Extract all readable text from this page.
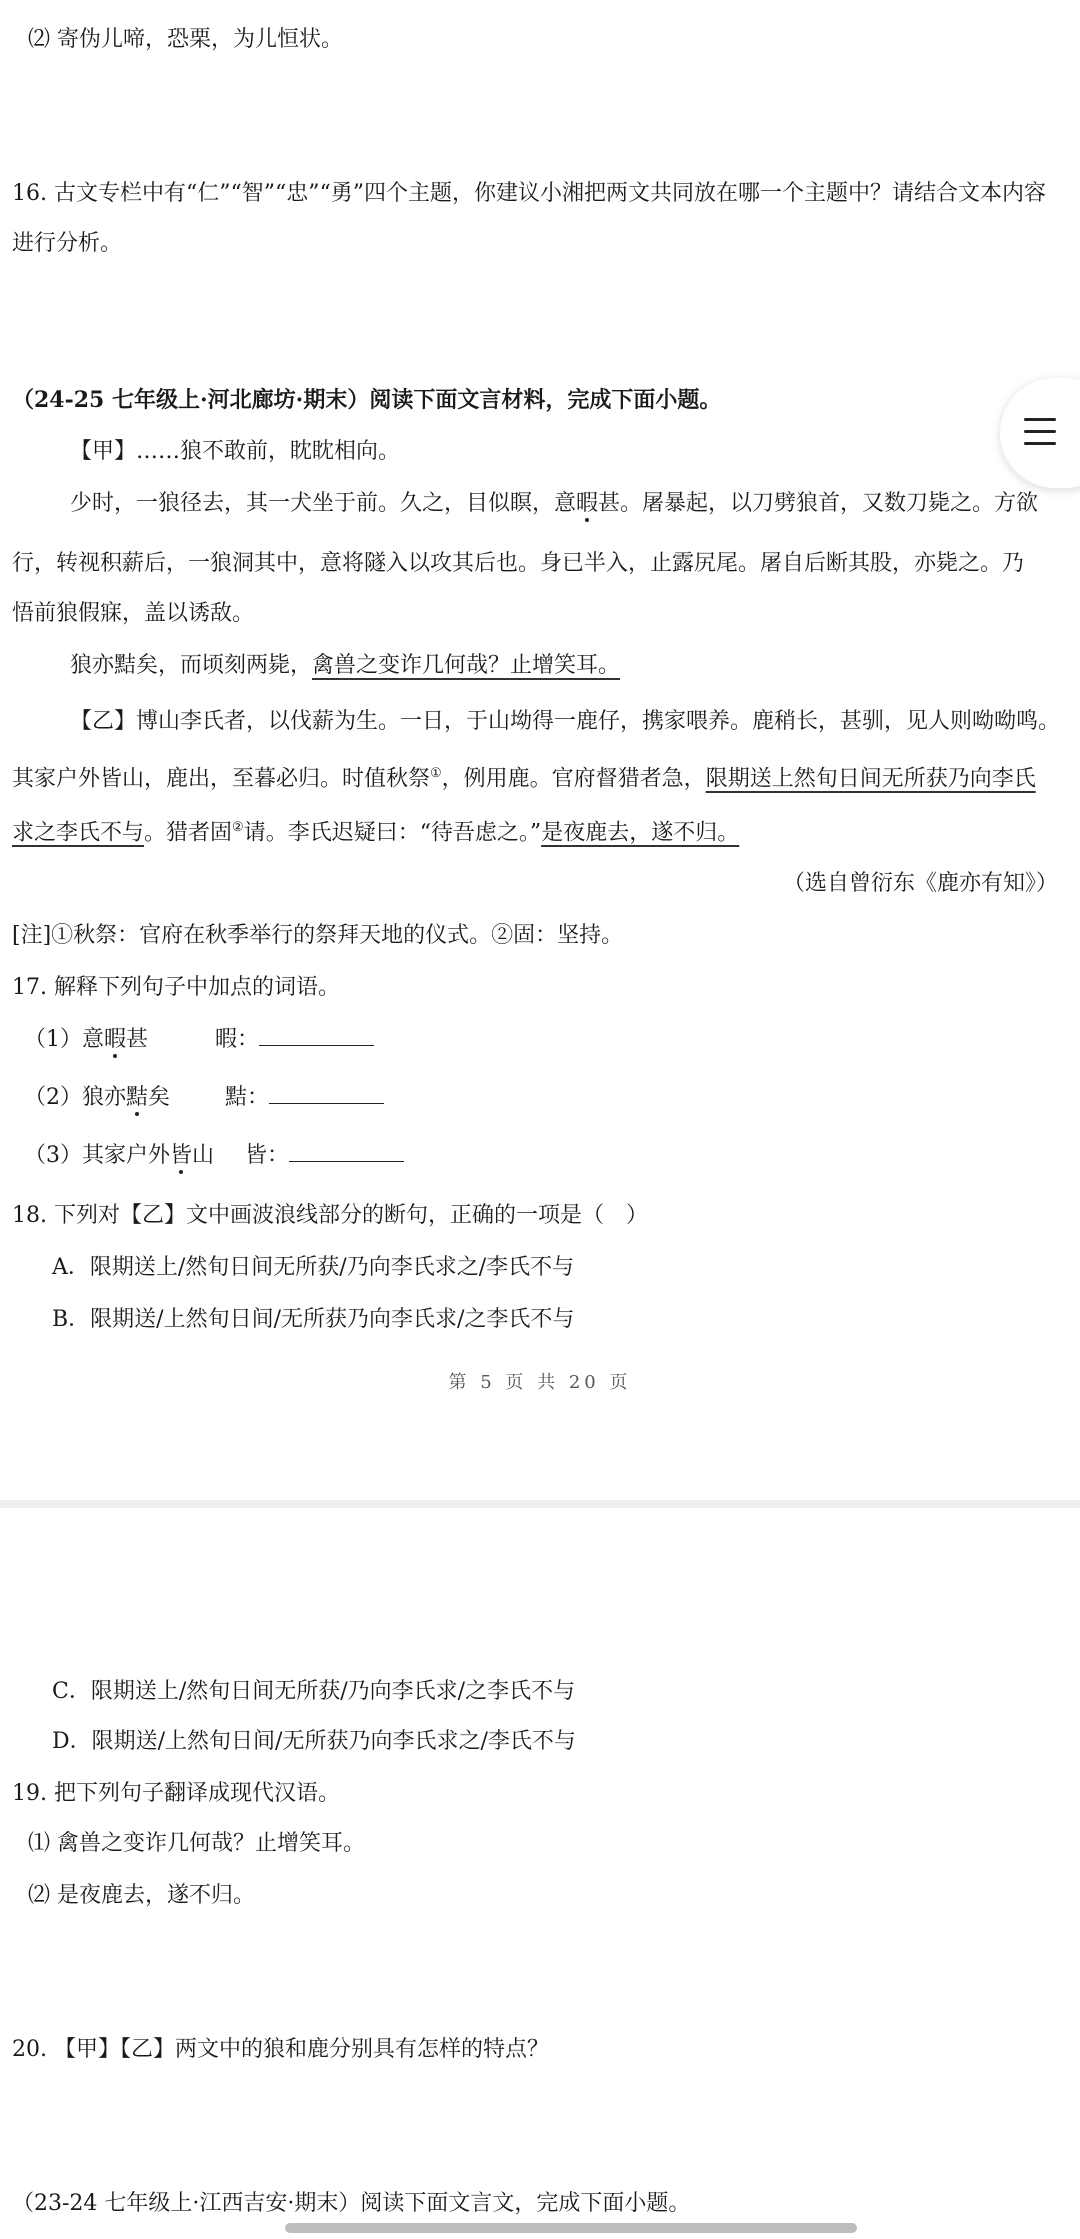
⑵ 寄伪儿啼，恐栗，为儿恒状。
16. 古文专栏中有“仁”“智”“忠”“勇”四个主题，你建议小湘把两文共同放在哪一个主题中？请结合文本内容
进行分析。
（24-25 七年级上·河北廊坊·期末）阅读下面文言材料，完成下面小题。
【甲】……狼不敢前，眈眈相向。
少时，一狼径去，其一犬坐于前。久之，目似瞑，意暇甚。屠暴起，以刀劈狼首，又数刀毙之。方欲
行，转视积薪后，一狼洞其中，意将隧入以攻其后也。身已半入，止露尻尾。屠自后断其股，亦毙之。乃
悟前狼假寐，盖以诱敌。
狼亦黠矣，而顷刻两毙，禽兽之变诈几何哉？止增笑耳。
【乙】博山李氏者，以伐薪为生。一日，于山坳得一鹿仔，携家喂养。鹿稍长，甚驯，见人则呦呦鸣。
其家户外皆山，鹿出，至暮必归。时值秋祭①，例用鹿。官府督猎者急，限期送上然旬日间无所获乃向李氏
求之李氏不与。猎者固②请。李氏迟疑曰：“待吾虑之。”是夜鹿去，遂不归。
（选自曾衍东《鹿亦有知》）
[注]①秋祭：官府在秋季举行的祭拜天地的仪式。②固：坚持。
17. 解释下列句子中加点的词语。
（1）意暇甚	暇：
（2）狼亦黠矣	黠：
（3）其家户外皆山 皆：
18. 下列对【乙】文中画波浪线部分的断句，正确的一项是（　）
A．限期送上/然旬日间无所获/乃向李氏求之/李氏不与
B．限期送/上然旬日间/无所获乃向李氏求/之李氏不与
第 5 页 共 20 页
C．限期送上/然旬日间无所获/乃向李氏求/之李氏不与
D．限期送/上然旬日间/无所获乃向李氏求之/李氏不与
19. 把下列句子翻译成现代汉语。
⑴ 禽兽之变诈几何哉？止增笑耳。
⑵ 是夜鹿去，遂不归。
20. 【甲】【乙】两文中的狼和鹿分别具有怎样的特点？
（23-24 七年级上·江西吉安·期末）阅读下面文言文，完成下面小题。
